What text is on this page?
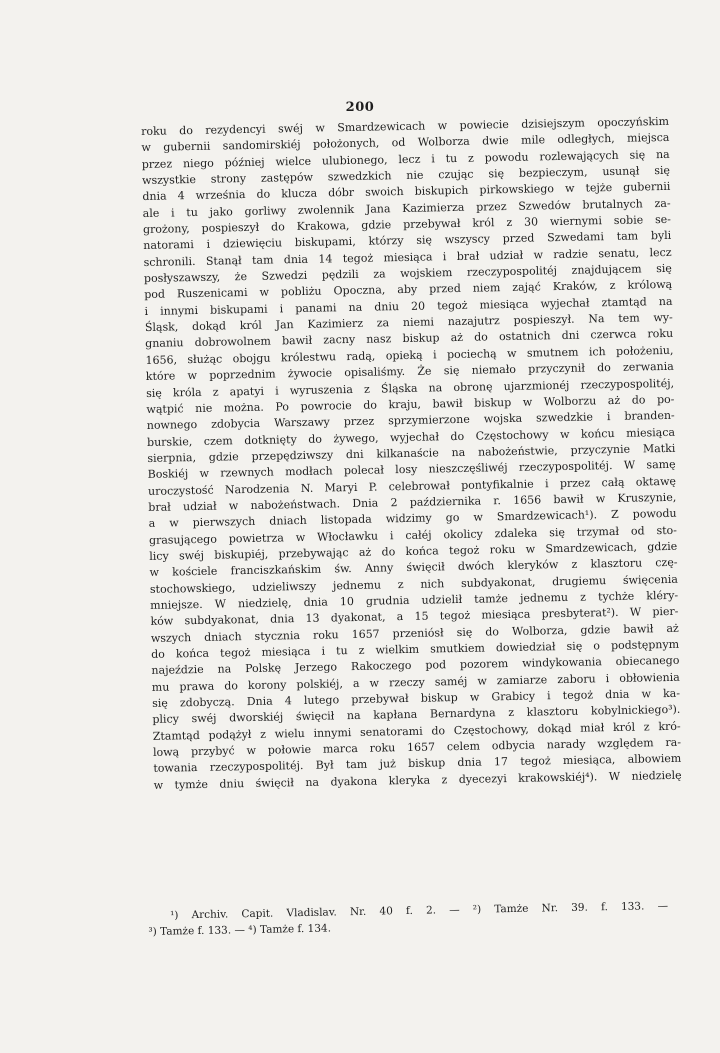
200
roku do rezydencyi swéj w Smardzewicach w powiecie dzisiejszym opoczyńskim
w gubernii sandomirskiéj położonych, od Wolborza dwie mile odległych, miejsca
przez niego później wielce ulubionego, lecz i tu z powodu rozlewających się na
wszystkie strony zastępów szwedzkich nie czując się bezpieczym, usunął się
dnia 4 września do klucza dóbr swoich biskupich pirkowskiego w tejże gubernii
ale i tu jako gorliwy zwolennik Jana Kazimierza przez Szwedów brutalnych za-
grożony, pospieszył do Krakowa, gdzie przebywał król z 30 wiernymi sobie se-
natorami i dziewięciu biskupami, którzy się wszyscy przed Szwedami tam byli
schronili. Stanął tam dnia 14 tegoż miesiąca i brał udział w radzie senatu, lecz
posłyszawszy, że Szwedzi pędzili za wojskiem rzeczypospolitéj znajdującem się
pod Ruszenicami w pobliżu Opoczna, aby przed niem zająć Kraków, z królową
i innymi biskupami i panami na dniu 20 tegoż miesiąca wyjechał ztamtąd na
Śląsk, dokąd król Jan Kazimierz za niemi nazajutrz pospieszył. Na tem wy-
gnaniu dobrowolnem bawił zacny nasz biskup aż do ostatnich dni czerwca roku
1656, służąc obojgu królestwu radą, opieką i pociechą w smutnem ich położeniu,
które w poprzednim żywocie opisaliśmy. Że się niemało przyczynił do zerwania
się króla z apatyi i wyruszenia z Śląska na obronę ujarzmionéj rzeczypospolitéj,
wątpić nie można. Po powrocie do kraju, bawił biskup w Wolborzu aż do po-
nownego zdobycia Warszawy przez sprzymierzone wojska szwedzkie i branden-
burskie, czem dotknięty do żywego, wyjechał do Częstochowy w końcu miesiąca
sierpnia, gdzie przepędziwszy dni kilkanaście na nabożeństwie, przyczynie Matki
Boskiéj w rzewnych modłach polecał losy nieszczęśliwéj rzeczypospolitéj. W samę
uroczystość Narodzenia N. Maryi P. celebrował pontyfikalnie i przez całą oktawę
brał udział w nabożeństwach. Dnia 2 października r. 1656 bawił w Kruszynie,
a w pierwszych dniach listopada widzimy go w Smardzewicach¹). Z powodu
grasującego powietrza w Włocławku i całéj okolicy zdaleka się trzymał od sto-
licy swéj biskupiéj, przebywając aż do końca tegoż roku w Smardzewicach, gdzie
w kościele franciszkańskim św. Anny święcił dwóch kleryków z klasztoru czę-
stochowskiego, udzieliwszy jednemu z nich subdyakonat, drugiemu święcenia
mniejsze. W niedzielę, dnia 10 grudnia udzielił tamże jednemu z tychże kléry-
ków subdyakonat, dnia 13 dyakonat, a 15 tegoż miesiąca presbyterat²). W pier-
wszych dniach stycznia roku 1657 przeniósł się do Wolborza, gdzie bawił aż
do końca tegoż miesiąca i tu z wielkim smutkiem dowiedział się o podstępnym
najeździe na Polskę Jerzego Rakoczego pod pozorem windykowania obiecanego
mu prawa do korony polskiéj, a w rzeczy saméj w zamiarze zaboru i obłowienia
się zdobyczą. Dnia 4 lutego przebywał biskup w Grabicy i tegoż dnia w ka-
plicy swéj dworskiéj święcił na kapłana Bernardyna z klasztoru kobylnickiego³).
Ztamtąd podążył z wielu innymi senatorami do Częstochowy, dokąd miał król z kró-
lową przybyć w połowie marca roku 1657 celem odbycia narady względem ra-
towania rzeczypospolitéj. Był tam już biskup dnia 17 tegoż miesiąca, albowiem
w tymże dniu święcił na dyakona kleryka z dyecezyi krakowskiéj⁴). W niedzielę
¹) Archiv. Capit. Vladislav. Nr. 40 f. 2. — ²) Tamże Nr. 39. f. 133. —
³) Tamże f. 133. — ⁴) Tamże f. 134.
